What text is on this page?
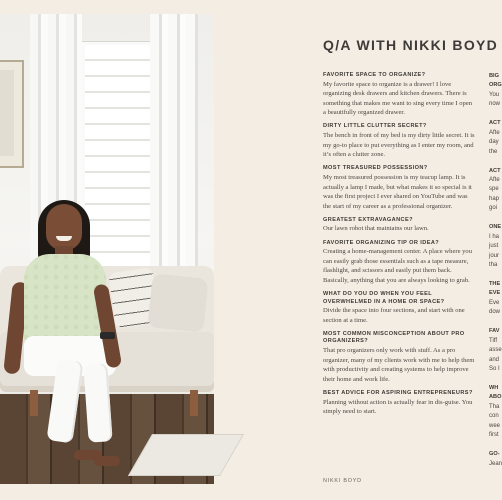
Q/A WITH NIKKI BOYD

FAVORITE SPACE TO ORGANIZE?

My favorite space to organize is a drawer! I love organizing desk drawers and kitchen drawers. There is something that makes me want to sing every time I open a beautifully organized drawer.

DIRTY LITTLE CLUTTER SECRET?

The bench in front of my bed is my dirty little secret. It is my go-to place to put everything as I enter my room, and it’s often a clutter zone.

MOST TREASURED POSSESSION?

My most treasured possession is my teacup lamp. It is actually a lamp I made, but what makes it so special is it was the first project I ever shared on YouTube and was the start of my career as a professional organizer.

GREATEST EXTRAVAGANCE?

Our lawn robot that maintains our lawn.

FAVORITE ORGANIZING TIP OR IDEA?

Creating a home-management center. A place where you can easily grab those essentials such as a tape measure, flashlight, and scissors and easily put them back. Basically, anything that you are always looking to grab.

WHAT DO YOU DO WHEN YOU FEEL OVERWHELMED IN A HOME OR SPACE?

Divide the space into four sections, and start with one section at a time.

MOST COMMON MISCONCEPTION ABOUT PRO ORGANIZERS?

That pro organizers only work with stuff. As a pro organizer, many of my clients work with me to help them with productivity and creating systems to help improve their home and work life.

BEST ADVICE FOR ASPIRING ENTREPRENEURS?

Planning without action is actually fear in dis-guise. You simply need to start.

BIG
ORG
You
now

ACT
Afte
day
the

ACT
Afte
spe
hap
goi

ONE
I ha
just
jour
tha

THE
EVE
Eve
dow

FAV
Tiff
asse
and
So I

WH
ABO
Tha
con
wee
first

GO-
Jean

NIKKI BOYD
